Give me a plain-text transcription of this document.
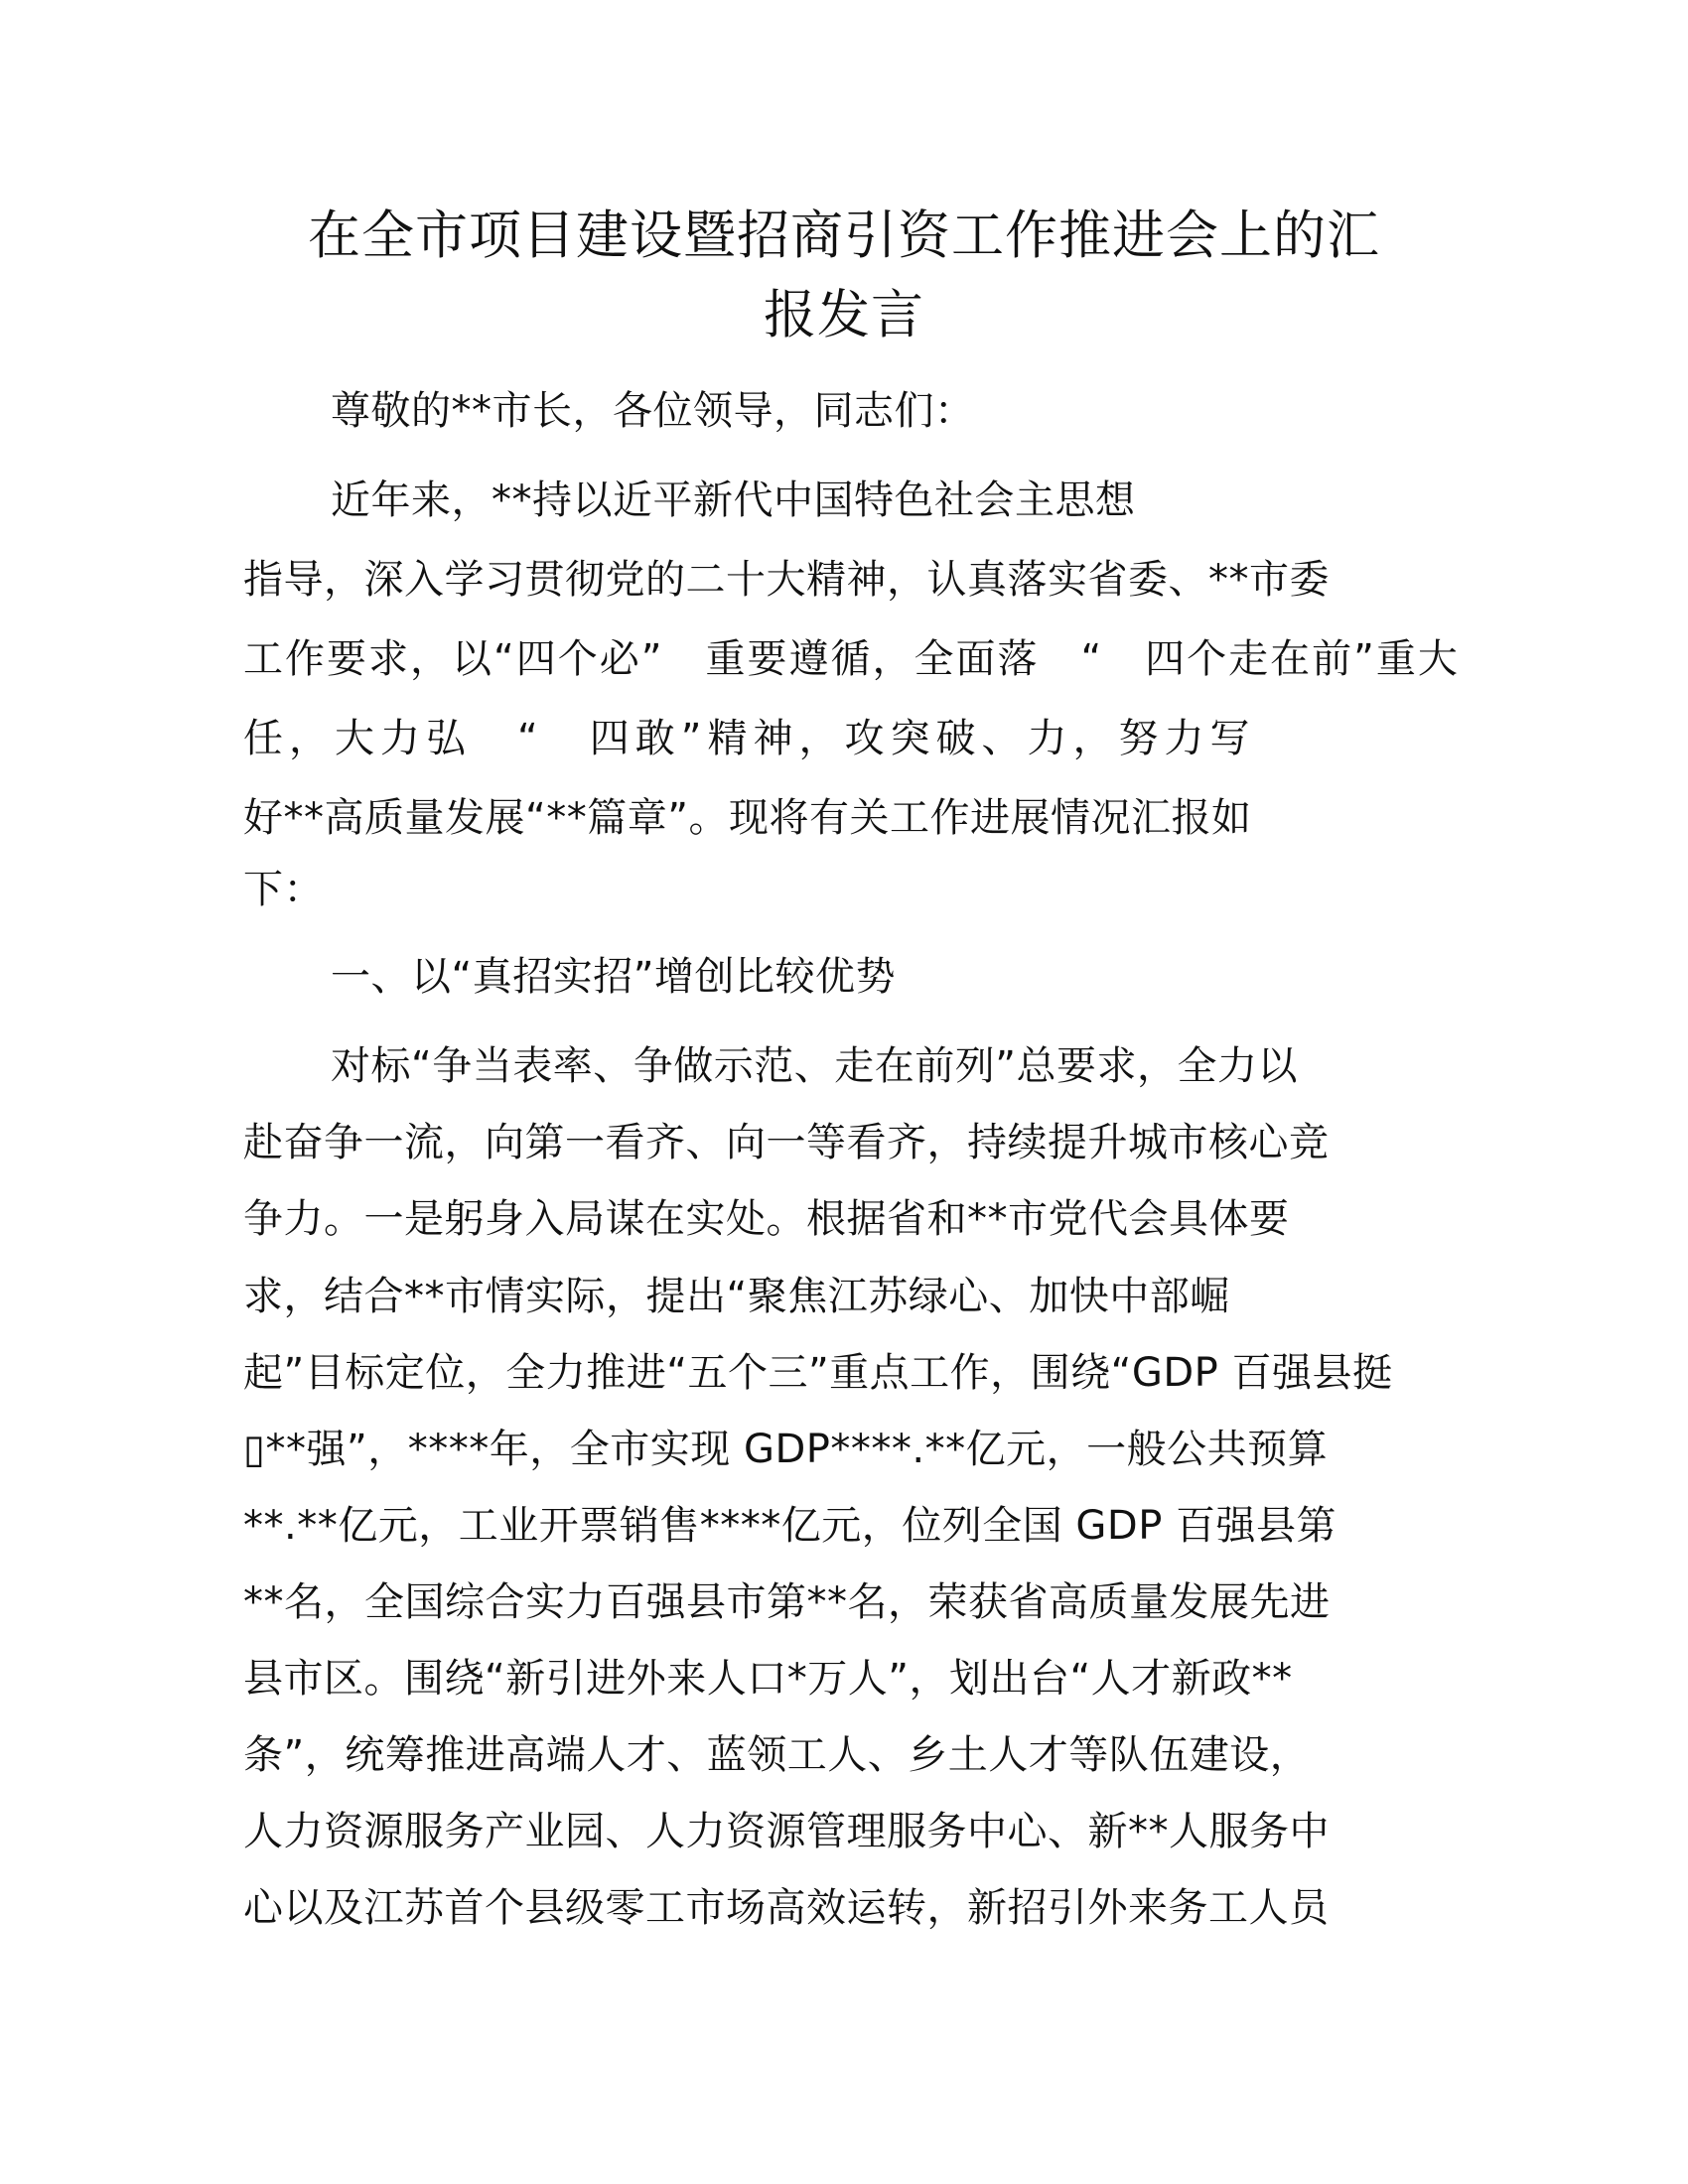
在全市项目建设暨招商引资工作推进会上的汇
报发言
尊敬的**市长，各位领导，同志们：
近年来，**持以近平新代中国特色社会主思想
指导，深入学习贯彻党的二十大精神，认真落实省委、**市委
工作要求，以“四个必”　重要遵循，全面落　“　四个走在前”重大
任，大力弘　“　四敢”精神，攻突破、力，努力写
好**高质量发展“**篇章”。现将有关工作进展情况汇报如
下：
一、以“真招实招”增创比较优势
对标“争当表率、争做示范、走在前列”总要求，全力以
赴奋争一流，向第一看齐、向一等看齐，持续提升城市核心竞
争力。一是躬身入局谋在实处。根据省和**市党代会具体要
求，结合**市情实际，提出“聚焦江苏绿心、加快中部崛
起”目标定位，全力推进“五个三”重点工作，围绕“GDP 百强县挺
▯**强”，****年，全市实现 GDP****.**亿元，一般公共预算
**.**亿元，工业开票销售****亿元，位列全国 GDP 百强县第
**名，全国综合实力百强县市第**名，荣获省高质量发展先进
县市区。围绕“新引进外来人口*万人”，划出台“人才新政**
条”，统筹推进高端人才、蓝领工人、乡土人才等队伍建设，
人力资源服务产业园、人力资源管理服务中心、新**人服务中
心以及江苏首个县级零工市场高效运转，新招引外来务工人员
